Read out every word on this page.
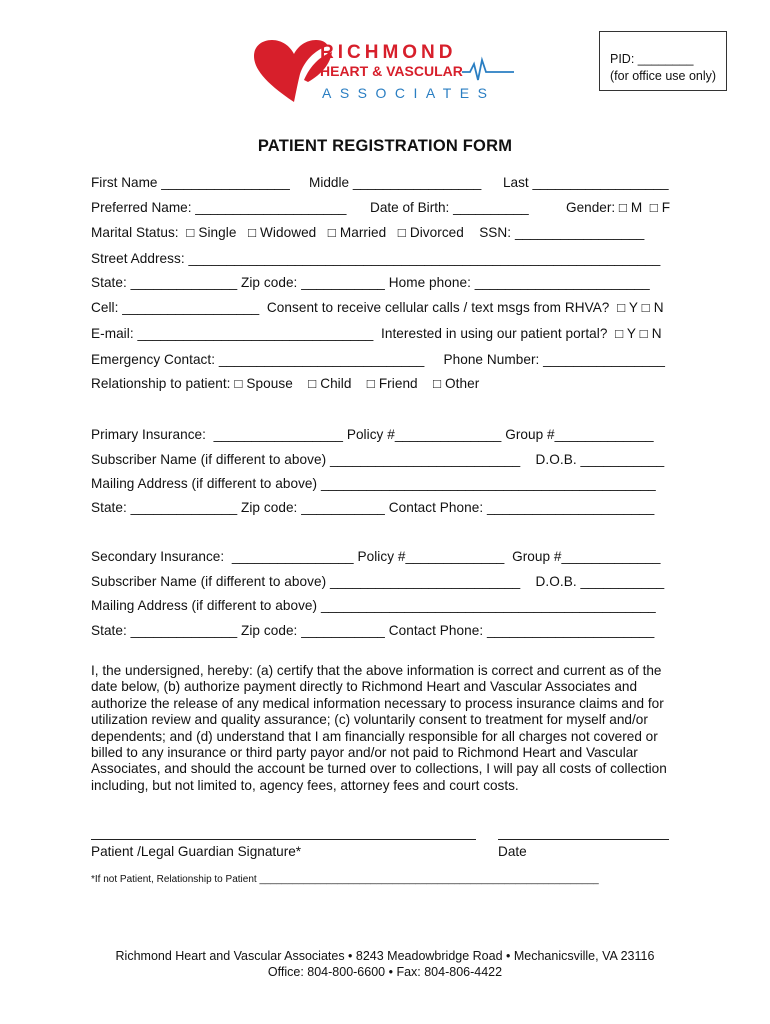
RICHMOND
HEART & VASCULAR
ASSOCIATES
PID: ________
(for office use only)
PATIENT REGISTRATION FORM
First Name _________________ Middle _________________ Last __________________
Preferred Name: ____________________ Date of Birth: __________	Gender: □ M  □ F
Marital Status:  □ Single   □ Widowed   □ Married   □ Divorced    SSN: _________________
Street Address: ______________________________________________________________
State: ______________ Zip code: ___________ Home phone: _______________________
Cell: __________________  Consent to receive cellular calls / text msgs from RHVA?  □ Y □ N
E-mail: _______________________________  Interested in using our patient portal?  □ Y □ N
Emergency Contact: ___________________________     Phone Number: ________________
Relationship to patient: □ Spouse    □ Child    □ Friend    □ Other
Primary Insurance:  _________________ Policy #______________ Group #_____________
Subscriber Name (if different to above) _________________________    D.O.B. ___________
Mailing Address (if different to above) ____________________________________________
State: ______________ Zip code: ___________ Contact Phone: ______________________
Secondary Insurance:  ________________ Policy #_____________  Group #_____________
Subscriber Name (if different to above) _________________________    D.O.B. ___________
Mailing Address (if different to above) ____________________________________________
State: ______________ Zip code: ___________ Contact Phone: ______________________
I, the undersigned, hereby: (a) certify that the above information is correct and current as of the date below, (b) authorize payment directly to Richmond Heart and Vascular Associates and authorize the release of any medical information necessary to process insurance claims and for utilization review and quality assurance; (c) voluntarily consent to treatment for myself and/or dependents; and (d) understand that I am financially responsible for all charges not covered or billed to any insurance or third party payor and/or not paid to Richmond Heart and Vascular Associates, and should the account be turned over to collections, I will pay all costs of collection including, but not limited to, agency fees, attorney fees and court costs.
Patient /Legal Guardian Signature*	Date
*If not Patient, Relationship to Patient _____________________________________________________________
Richmond Heart and Vascular Associates • 8243 Meadowbridge Road • Mechanicsville, VA 23116
Office: 804-800-6600 • Fax: 804-806-4422
